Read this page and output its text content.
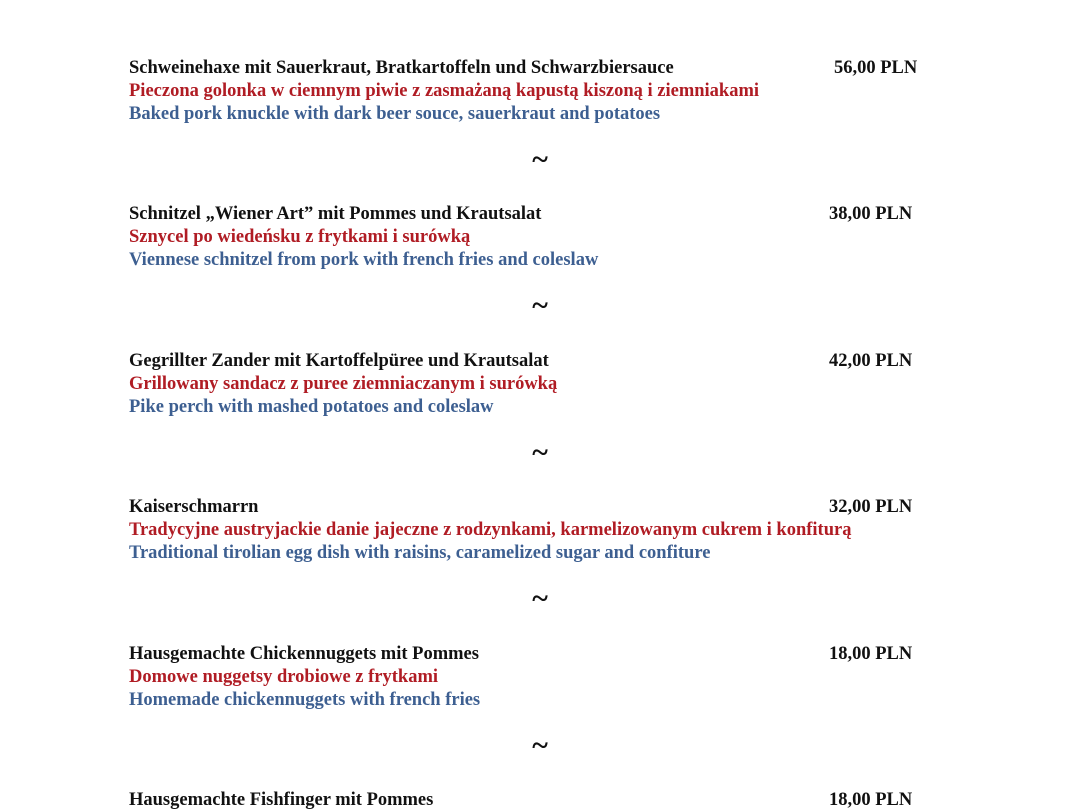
Schweinehaxe mit Sauerkraut, Bratkartoffeln und Schwarzbiersauce	56,00 PLN
Pieczona golonka w ciemnym piwie z zasmażaną kapustą kiszoną i ziemniakami
Baked pork knuckle with dark beer souce, sauerkraut and potatoes
~
Schnitzel „Wiener Art” mit Pommes und Krautsalat	38,00 PLN
Sznycel po wiedeńsku z frytkami i surówką
Viennese schnitzel from pork with french fries and coleslaw
~
Gegrillter Zander mit Kartoffelpüree und Krautsalat	42,00 PLN
Grillowany sandacz z puree ziemniaczanym i surówką
Pike perch with mashed potatoes and coleslaw
~
Kaiserschmarrn	32,00 PLN
Tradycyjne austryjackie danie jajeczne z rodzynkami, karmelizowanym cukrem i konfiturą
Traditional tirolian egg dish with raisins, caramelized sugar and confiture
~
Hausgemachte Chickennuggets mit Pommes	18,00 PLN
Domowe nuggetsy drobiowe z frytkami
Homemade chickennuggets with french fries
~
Hausgemachte Fishfinger mit Pommes	18,00 PLN
